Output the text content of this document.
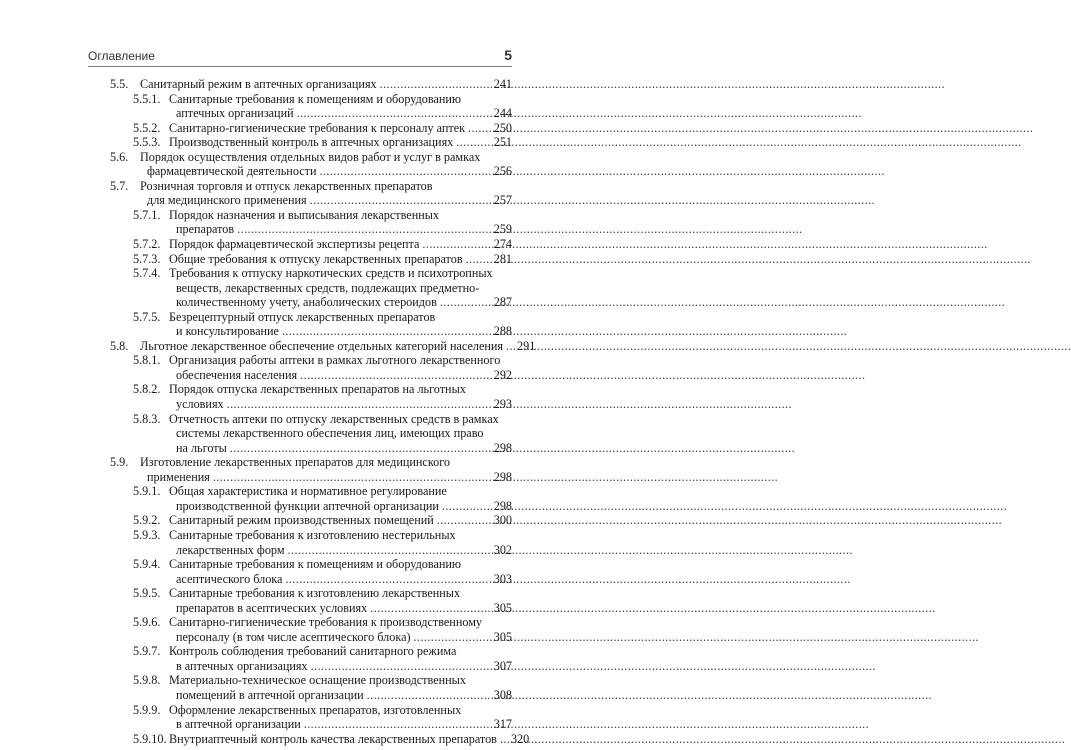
Оглавление	5
5.5. Санитарный режим в аптечных организациях .....	241
5.5.1. Санитарные требования к помещениям и оборудованию
аптечных организаций .....	244
5.5.2. Санитарно-гигиенические требования к персоналу аптек ..... 250
5.5.3. Производственный контроль в аптечных организациях .....	251
5.6. Порядок осуществления отдельных видов работ и услуг в рамках
фармацевтической деятельности .....	256
5.7. Розничная торговля и отпуск лекарственных препаратов
для медицинского применения .....	257
5.7.1. Порядок назначения и выписывания лекарственных
препаратов .....	259
5.7.2. Порядок фармацевтической экспертизы рецепта .....	274
5.7.3. Общие требования к отпуску лекарственных препаратов .....	281
5.7.4. Требования к отпуску наркотических средств и психотропных
веществ, лекарственных средств, подлежащих предметно-
количественному учету, анаболических стероидов .....	287
5.7.5. Безрецептурный отпуск лекарственных препаратов
и консультирование .....	288
5.8. Льготное лекарственное обеспечение отдельных категорий населения ..... 291
5.8.1. Организация работы аптеки в рамках льготного лекарственного
обеспечения населения .....	292
5.8.2. Порядок отпуска лекарственных препаратов на льготных
условиях .....	293
5.8.3. Отчетность аптеки по отпуску лекарственных средств в рамках
системы лекарственного обеспечения лиц, имеющих право
на льготы .....	298
5.9. Изготовление лекарственных препаратов для медицинского
применения .....	298
5.9.1. Общая характеристика и нормативное регулирование
производственной функции аптечной организации .....	298
5.9.2. Санитарный режим производственных помещений .....	300
5.9.3. Санитарные требования к изготовлению нестерильных
лекарственных форм .....	302
5.9.4. Санитарные требования к помещениям и оборудованию
асептического блока .....	303
5.9.5. Санитарные требования к изготовлению лекарственных
препаратов в асептических условиях .....	305
5.9.6. Санитарно-гигиенические требования к производственному
персоналу (в том числе асептического блока) .....	305
5.9.7. Контроль соблюдения требований санитарного режима
в аптечных организациях .....	307
5.9.8. Материально-техническое оснащение производственных
помещений в аптечной организации .....	308
5.9.9. Оформление лекарственных препаратов, изготовленных
в аптечной организации .....	317
5.9.10. Внутриаптечный контроль качества лекарственных препаратов ..... 320
